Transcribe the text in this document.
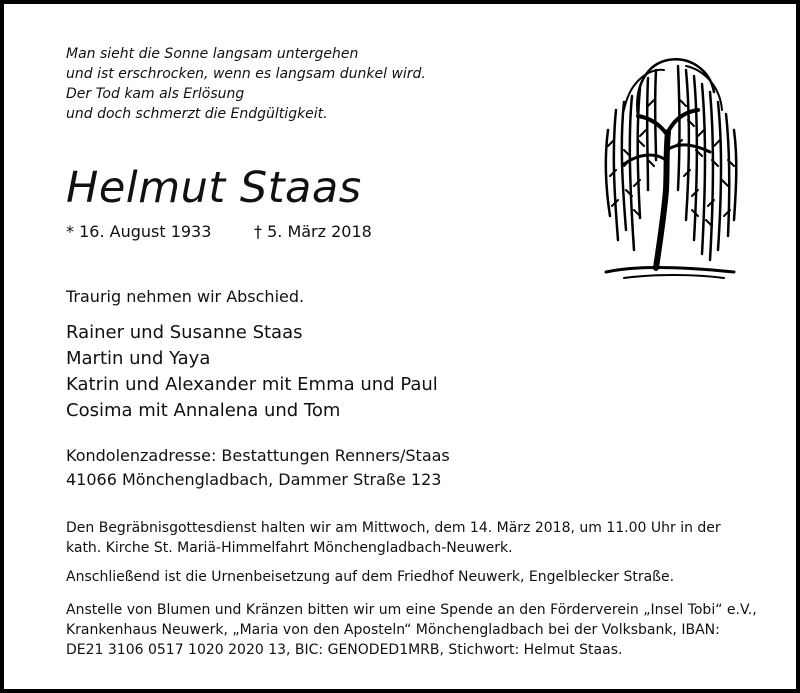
Man sieht die Sonne langsam untergehen
und ist erschrocken, wenn es langsam dunkel wird.
Der Tod kam als Erlösung
und doch schmerzt die Endgültigkeit.
Helmut Staas
* 16. August 1933	† 5. März 2018
Traurig nehmen wir Abschied.
Rainer und Susanne Staas
Martin und Yaya
Katrin und Alexander mit Emma und Paul
Cosima mit Annalena und Tom
Kondolenzadresse: Bestattungen Renners/Staas
41066 Mönchengladbach, Dammer Straße 123
Den Begräbnisgottesdienst halten wir am Mittwoch, dem 14. März 2018, um 11.00 Uhr in der
kath. Kirche St. Mariä-Himmelfahrt Mönchengladbach-Neuwerk.
Anschließend ist die Urnenbeisetzung auf dem Friedhof Neuwerk, Engelblecker Straße.
Anstelle von Blumen und Kränzen bitten wir um eine Spende an den Förderverein „Insel Tobi“ e.V.,
Krankenhaus Neuwerk, „Maria von den Aposteln“ Mönchengladbach bei der Volksbank, IBAN:
DE21 3106 0517 1020 2020 13, BIC: GENODED1MRB, Stichwort: Helmut Staas.
